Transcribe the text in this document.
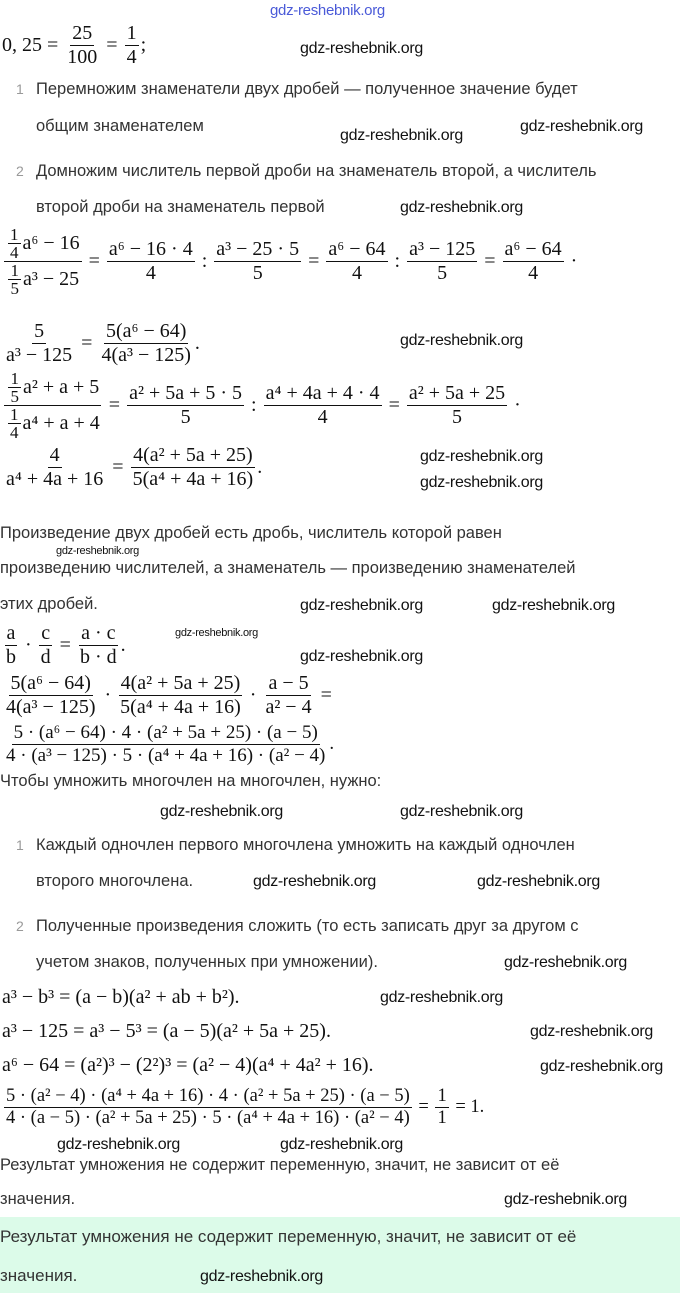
0, $25 = \frac{25}{100} = \frac{1}{4}$ ;
1 Перемножим знаменатели двух дробей — полученное значение будет
общим знаменателем
2 Домножим числитель первой дроби на знаменатель второй, а числитель
второй дроби на знаменатель первой
$\frac{\frac{1}{4} a^6 - 16}{\frac{1}{5} a^3 - 25} = \frac{\text{a⁶ − 16 · 4}}{4}$ : $\frac{\text{a³ − 25 · 5}}{5} = \frac{\text{a⁶ − 64}}{4}$ : $\frac{\text{a³ − 125}}{5} = \frac{\text{a⁶ − 64}}{4}$ ·
$\frac{5}{\text{a³ − 125}} = \frac{\text{5(a⁶ − 64)}}{\text{4(a³ − 125)}}$ .
$\frac{\frac{1}{5} a^2 + a + 5}{\frac{1}{4} a^4 + a + 4} = \frac{\text{a² + 5a + 5 · 5}}{5}$ : $\frac{\text{a⁴ + 4a + 4 · 4}}{4} = \frac{\text{a² + 5a + 25}}{5}$ ·
$\frac{4}{\text{a⁴ + 4a + 16}} = \frac{\text{4(a² + 5a + 25)}}{\text{5(a⁴ + 4a + 16)}}$ .
Произведение двух дробей есть дробь, числитель которой равен
произведению числителей, а знаменатель — произведению знаменателей
этих дробей.
$\frac{a}{b} \cdot \frac{c}{d} = \frac{a \cdot c}{b \cdot d}$ .
$\frac{\text{5(a⁶ − 64)}}{\text{4(a³ − 125)}} \cdot \frac{\text{4(a² + 5a + 25)}}{\text{5(a⁴ + 4a + 16)}} \cdot \frac{a - 5}{\text{a² − 4}}$ =
$\frac{\text{5 · (a⁶ − 64) · 4 · (a² + 5a + 25) · (a − 5)}}{\text{4 · (a³ − 125) · 5 · (a⁴ + 4a + 16) · (a² − 4)}}$ .
Чтобы умножить многочлен на многочлен, нужно:
1 Каждый одночлен первого многочлена умножить на каждый одночлен
второго многочлена.
2 Полученные произведения сложить (то есть записать друг за другом с
учетом знаков, полученных при умножении).
a³ − b³ = (a − b)(a² + ab + b²).
a³ − 125 = a³ − 5³ = (a − 5)(a² + 5a + 25).
a⁶ − 64 = (a²)³ − (2²)³ = (a² − 4)(a⁴ + 4a² + 16).
$\frac{\text{5 · (a² − 4) · (a⁴ + 4a + 16) · 4 · (a² + 5a + 25) · (a − 5)}}{\text{4 · (a − 5) · (a² + 5a + 25) · 5 · (a⁴ + 4a + 16) · (a² − 4)}} = \frac{1}{1} = 1$.
Результат умножения не содержит переменную, значит, не зависит от её
значения.
Результат умножения не содержит переменную, значит, не зависит от её
значения.
gdz-reshebnik.org
gdz-reshebnik.org
gdz-reshebnik.org
gdz-reshebnik.org
gdz-reshebnik.org
gdz-reshebnik.org
gdz-reshebnik.org
gdz-reshebnik.org
gdz-reshebnik.org
gdz-reshebnik.org	gdz-reshebnik.org
gdz-reshebnik.org
gdz-reshebnik.org
gdz-reshebnik.org	gdz-reshebnik.org
gdz-reshebnik.org
gdz-reshebnik.org
gdz-reshebnik.org
gdz-reshebnik.org
gdz-reshebnik.org
gdz-reshebnik.org
gdz-reshebnik.org	gdz-reshebnik.org
gdz-reshebnik.org
gdz-reshebnik.org
